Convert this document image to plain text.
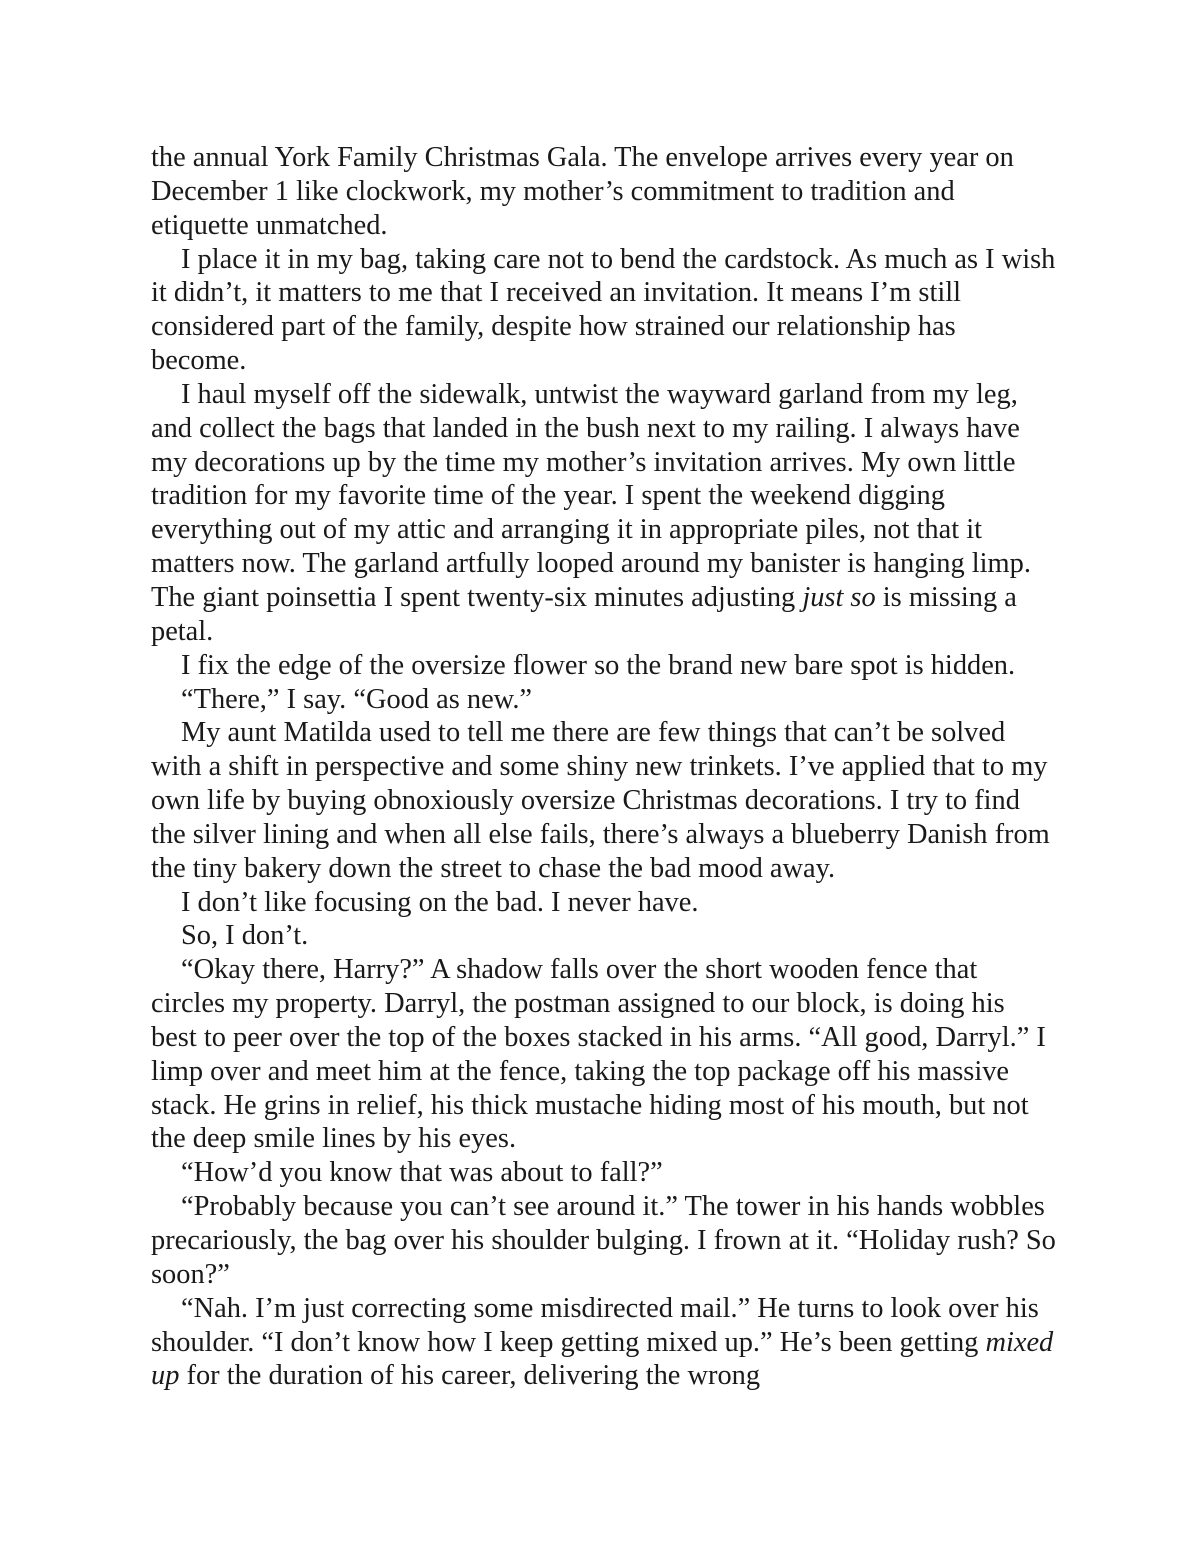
the annual York Family Christmas Gala. The envelope arrives every year on December 1 like clockwork, my mother’s commitment to tradition and etiquette unmatched.

I place it in my bag, taking care not to bend the cardstock. As much as I wish it didn’t, it matters to me that I received an invitation. It means I’m still considered part of the family, despite how strained our relationship has become.

I haul myself off the sidewalk, untwist the wayward garland from my leg, and collect the bags that landed in the bush next to my railing. I always have my decorations up by the time my mother’s invitation arrives. My own little tradition for my favorite time of the year. I spent the weekend digging everything out of my attic and arranging it in appropriate piles, not that it matters now. The garland artfully looped around my banister is hanging limp. The giant poinsettia I spent twenty-six minutes adjusting just so is missing a petal.

I fix the edge of the oversize flower so the brand new bare spot is hidden.

“There,” I say. “Good as new.”

My aunt Matilda used to tell me there are few things that can’t be solved with a shift in perspective and some shiny new trinkets. I’ve applied that to my own life by buying obnoxiously oversize Christmas decorations. I try to find the silver lining and when all else fails, there’s always a blueberry Danish from the tiny bakery down the street to chase the bad mood away.

I don’t like focusing on the bad. I never have.

So, I don’t.

“Okay there, Harry?” A shadow falls over the short wooden fence that circles my property. Darryl, the postman assigned to our block, is doing his best to peer over the top of the boxes stacked in his arms. “All good, Darryl.” I limp over and meet him at the fence, taking the top package off his massive stack. He grins in relief, his thick mustache hiding most of his mouth, but not the deep smile lines by his eyes.

“How’d you know that was about to fall?”

“Probably because you can’t see around it.” The tower in his hands wobbles precariously, the bag over his shoulder bulging. I frown at it. “Holiday rush? So soon?”

“Nah. I’m just correcting some misdirected mail.” He turns to look over his shoulder. “I don’t know how I keep getting mixed up.” He’s been getting mixed up for the duration of his career, delivering the wrong
